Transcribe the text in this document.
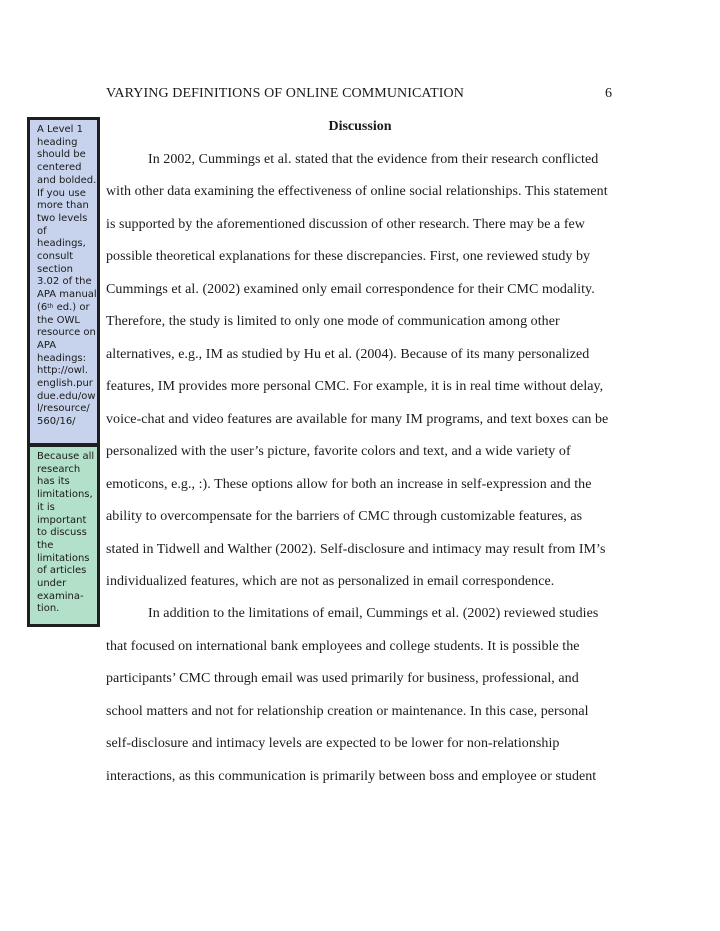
VARYING DEFINITIONS OF ONLINE COMMUNICATION	6
Discussion
In 2002, Cummings et al. stated that the evidence from their research conflicted
with other data examining the effectiveness of online social relationships. This statement
is supported by the aforementioned discussion of other research. There may be a few
possible theoretical explanations for these discrepancies. First, one reviewed study by
Cummings et al. (2002) examined only email correspondence for their CMC modality.
Therefore, the study is limited to only one mode of communication among other
alternatives, e.g., IM as studied by Hu et al. (2004). Because of its many personalized
features, IM provides more personal CMC. For example, it is in real time without delay,
voice-chat and video features are available for many IM programs, and text boxes can be
personalized with the user’s picture, favorite colors and text, and a wide variety of
emoticons, e.g., :). These options allow for both an increase in self-expression and the
ability to overcompensate for the barriers of CMC through customizable features, as
stated in Tidwell and Walther (2002). Self-disclosure and intimacy may result from IM’s
individualized features, which are not as personalized in email correspondence.
In addition to the limitations of email, Cummings et al. (2002) reviewed studies
that focused on international bank employees and college students. It is possible the
participants’ CMC through email was used primarily for business, professional, and
school matters and not for relationship creation or maintenance. In this case, personal
self-disclosure and intimacy levels are expected to be lower for non-relationship
interactions, as this communication is primarily between boss and employee or student
A Level 1
heading
should be
centered
and bolded.
If you use
more than
two levels
of
headings,
consult
section
3.02 of the
APA manual
(6th ed.) or
the OWL
resource on
APA
headings:
http://owl.
english.pur
due.edu/ow
l/resource/
560/16/
Because all
research
has its
limitations,
it is
important
to discuss
the
limitations
of articles
under
examina-
tion.
